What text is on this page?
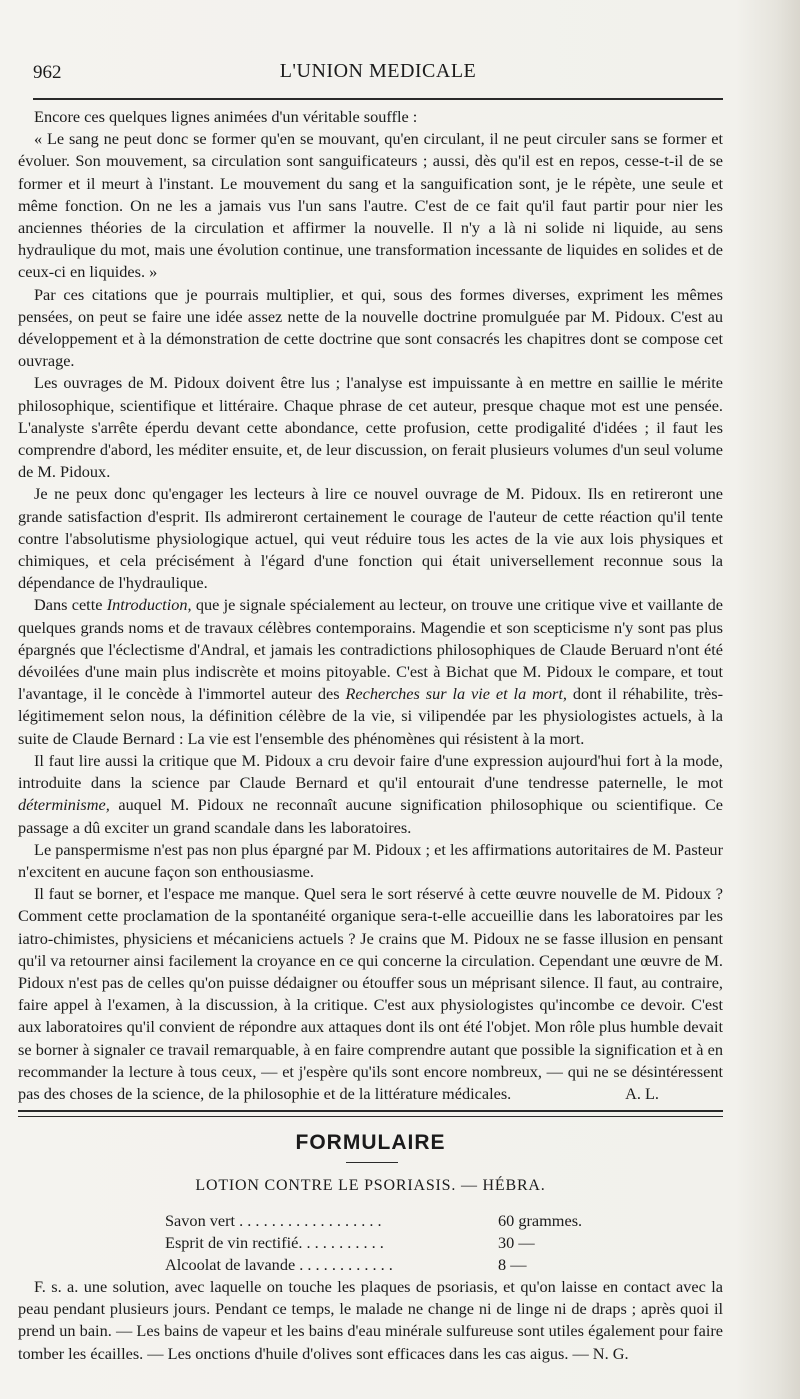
962	L'UNION MEDICALE

Encore ces quelques lignes animées d'un véritable souffle :

« Le sang ne peut donc se former qu'en se mouvant, qu'en circulant, il ne peut circuler sans se former et évoluer. Son mouvement, sa circulation sont sanguificateurs ; aussi, dès qu'il est en repos, cesse-t-il de se former et il meurt à l'instant. Le mouvement du sang et la sanguification sont, je le répète, une seule et même fonction. On ne les a jamais vus l'un sans l'autre. C'est de ce fait qu'il faut partir pour nier les anciennes théories de la circulation et affirmer la nouvelle. Il n'y a là ni solide ni liquide, au sens hydraulique du mot, mais une évolution continue, une transformation incessante de liquides en solides et de ceux-ci en liquides. »

Par ces citations que je pourrais multiplier, et qui, sous des formes diverses, expriment les mêmes pensées, on peut se faire une idée assez nette de la nouvelle doctrine promulguée par M. Pidoux. C'est au développement et à la démonstration de cette doctrine que sont consacrés les chapitres dont se compose cet ouvrage.

Les ouvrages de M. Pidoux doivent être lus ; l'analyse est impuissante à en mettre en saillie le mérite philosophique, scientifique et littéraire. Chaque phrase de cet auteur, presque chaque mot est une pensée. L'analyste s'arrête éperdu devant cette abondance, cette profusion, cette prodigalité d'idées ; il faut les comprendre d'abord, les méditer ensuite, et, de leur discussion, on ferait plusieurs volumes d'un seul volume de M. Pidoux.

Je ne peux donc qu'engager les lecteurs à lire ce nouvel ouvrage de M. Pidoux. Ils en retireront une grande satisfaction d'esprit. Ils admireront certainement le courage de l'auteur de cette réaction qu'il tente contre l'absolutisme physiologique actuel, qui veut réduire tous les actes de la vie aux lois physiques et chimiques, et cela précisément à l'égard d'une fonction qui était universellement reconnue sous la dépendance de l'hydraulique.

Dans cette Introduction, que je signale spécialement au lecteur, on trouve une critique vive et vaillante de quelques grands noms et de travaux célèbres contemporains. Magendie et son scepticisme n'y sont pas plus épargnés que l'éclectisme d'Andral, et jamais les contradictions philosophiques de Claude Beruard n'ont été dévoilées d'une main plus indiscrète et moins pitoyable. C'est à Bichat que M. Pidoux le compare, et tout l'avantage, il le concède à l'immortel auteur des Recherches sur la vie et la mort, dont il réhabilite, très-légitimement selon nous, la définition célèbre de la vie, si vilipendée par les physiologistes actuels, à la suite de Claude Bernard : La vie est l'ensemble des phénomènes qui résistent à la mort.

Il faut lire aussi la critique que M. Pidoux a cru devoir faire d'une expression aujourd'hui fort à la mode, introduite dans la science par Claude Bernard et qu'il entourait d'une tendresse paternelle, le mot déterminisme, auquel M. Pidoux ne reconnaît aucune signification philosophique ou scientifique. Ce passage a dû exciter un grand scandale dans les laboratoires.

Le panspermisme n'est pas non plus épargné par M. Pidoux ; et les affirmations autoritaires de M. Pasteur n'excitent en aucune façon son enthousiasme.

Il faut se borner, et l'espace me manque. Quel sera le sort réservé à cette œuvre nouvelle de M. Pidoux ? Comment cette proclamation de la spontanéité organique sera-t-elle accueillie dans les laboratoires par les iatro-chimistes, physiciens et mécaniciens actuels ? Je crains que M. Pidoux ne se fasse illusion en pensant qu'il va retourner ainsi facilement la croyance en ce qui concerne la circulation. Cependant une œuvre de M. Pidoux n'est pas de celles qu'on puisse dédaigner ou étouffer sous un méprisant silence. Il faut, au contraire, faire appel à l'examen, à la discussion, à la critique. C'est aux physiologistes qu'incombe ce devoir. C'est aux laboratoires qu'il convient de répondre aux attaques dont ils ont été l'objet. Mon rôle plus humble devait se borner à signaler ce travail remarquable, à en faire comprendre autant que possible la signification et à en recommander la lecture à tous ceux, — et j'espère qu'ils sont encore nombreux, — qui ne se désintéressent pas des choses de la science, de la philosophie et de la littérature médicales.	A. L.

FORMULAIRE
LOTION CONTRE LE PSORIASIS. — HÉBRA.
Savon vert . . . . . . . . . . . . . . . . . .	60 grammes.
Esprit de vin rectifié. . . . . . . . . . .	30 —
Alcoolat de lavande . . . . . . . . . . . .	8 —

F. s. a. une solution, avec laquelle on touche les plaques de psoriasis, et qu'on laisse en contact avec la peau pendant plusieurs jours. Pendant ce temps, le malade ne change ni de linge ni de draps ; après quoi il prend un bain. — Les bains de vapeur et les bains d'eau minérale sulfureuse sont utiles également pour faire tomber les écailles. — Les onctions d'huile d'olives sont efficaces dans les cas aigus. — N. G.
